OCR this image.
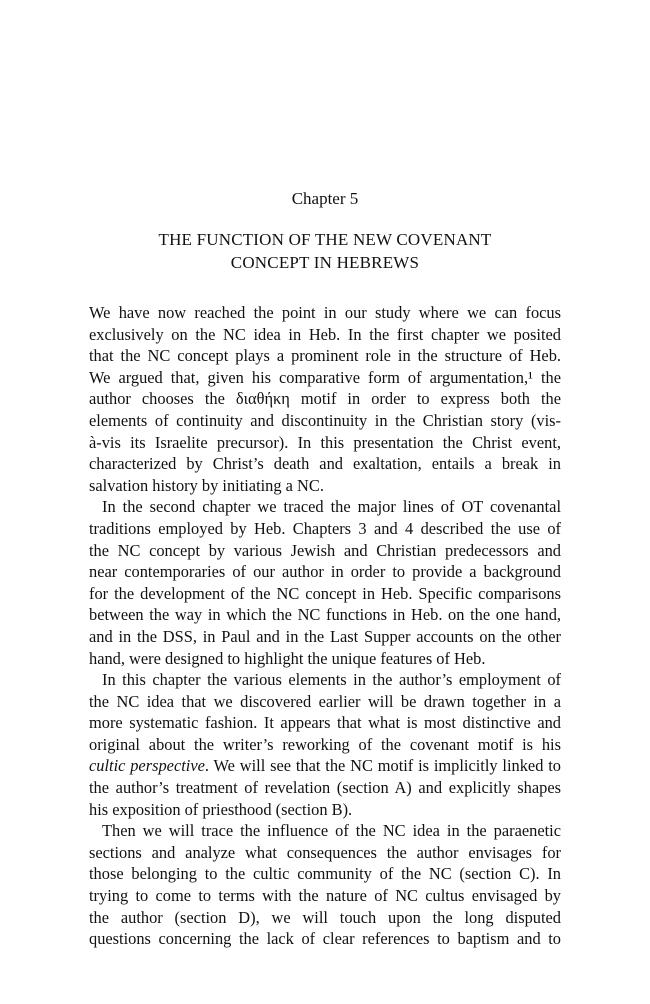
Chapter 5
THE FUNCTION OF THE NEW COVENANT
CONCEPT IN HEBREWS
We have now reached the point in our study where we can focus
exclusively on the NC idea in Heb. In the first chapter we posited
that the NC concept plays a prominent role in the structure of Heb.
We argued that, given his comparative form of argumentation,¹ the
author chooses the διαθήκη motif in order to express both the
elements of continuity and discontinuity in the Christian story (vis-
à-vis its Israelite precursor). In this presentation the Christ event,
characterized by Christ’s death and exaltation, entails a break in
salvation history by initiating a NC.
In the second chapter we traced the major lines of OT covenantal
traditions employed by Heb. Chapters 3 and 4 described the use of
the NC concept by various Jewish and Christian predecessors and
near contemporaries of our author in order to provide a background
for the development of the NC concept in Heb. Specific comparisons
between the way in which the NC functions in Heb. on the one hand,
and in the DSS, in Paul and in the Last Supper accounts on the other
hand, were designed to highlight the unique features of Heb.
In this chapter the various elements in the author’s employment of
the NC idea that we discovered earlier will be drawn together in a
more systematic fashion. It appears that what is most distinctive and
original about the writer’s reworking of the covenant motif is his
cultic perspective. We will see that the NC motif is implicitly linked to
the author’s treatment of revelation (section A) and explicitly shapes
his exposition of priesthood (section B).
Then we will trace the influence of the NC idea in the paraenetic
sections and analyze what consequences the author envisages for
those belonging to the cultic community of the NC (section C). In
trying to come to terms with the nature of NC cultus envisaged by
the author (section D), we will touch upon the long disputed
questions concerning the lack of clear references to baptism and to
